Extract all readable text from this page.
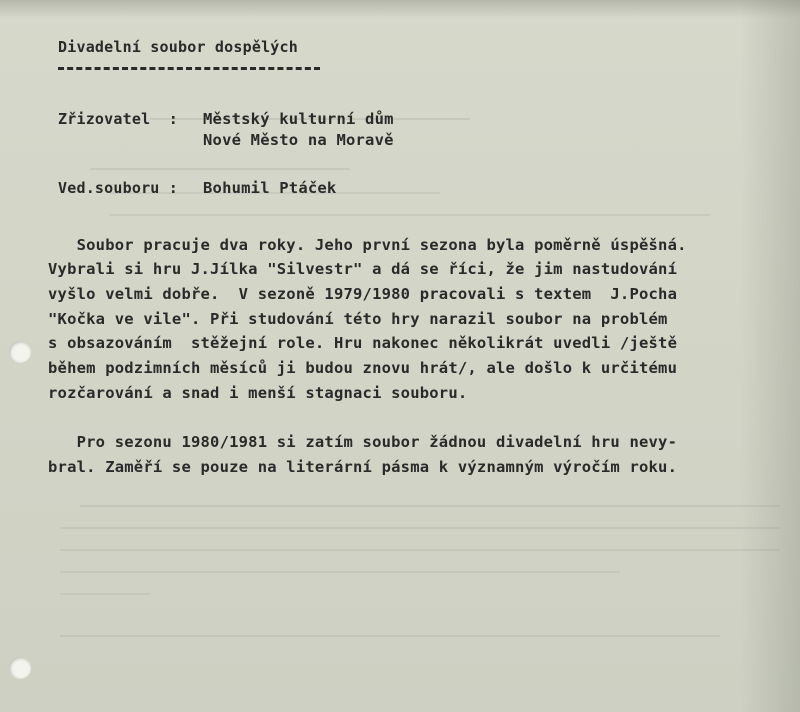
Divadelní soubor dospělých
Zřizovatel  : Městský kulturní dům
Nové Město na Moravě
Ved.souboru : Bohumil Ptáček
Soubor pracuje dva roky. Jeho první sezona byla poměrně úspěšná.
Vybrali si hru J.Jílka "Silvestr" a dá se říci, že jim nastudování
vyšlo velmi dobře.  V sezoně 1979/1980 pracovali s textem  J.Pocha
"Kočka ve vile". Při studování této hry narazil soubor na problém
s obsazováním  stěžejní role. Hru nakonec několikrát uvedli /ještě
během podzimních měsíců ji budou znovu hrát/, ale došlo k určitému
rozčarování a snad i menší stagnaci souboru.
Pro sezonu 1980/1981 si zatím soubor žádnou divadelní hru nevy-
bral. Zaměří se pouze na literární pásma k významným výročím roku.
